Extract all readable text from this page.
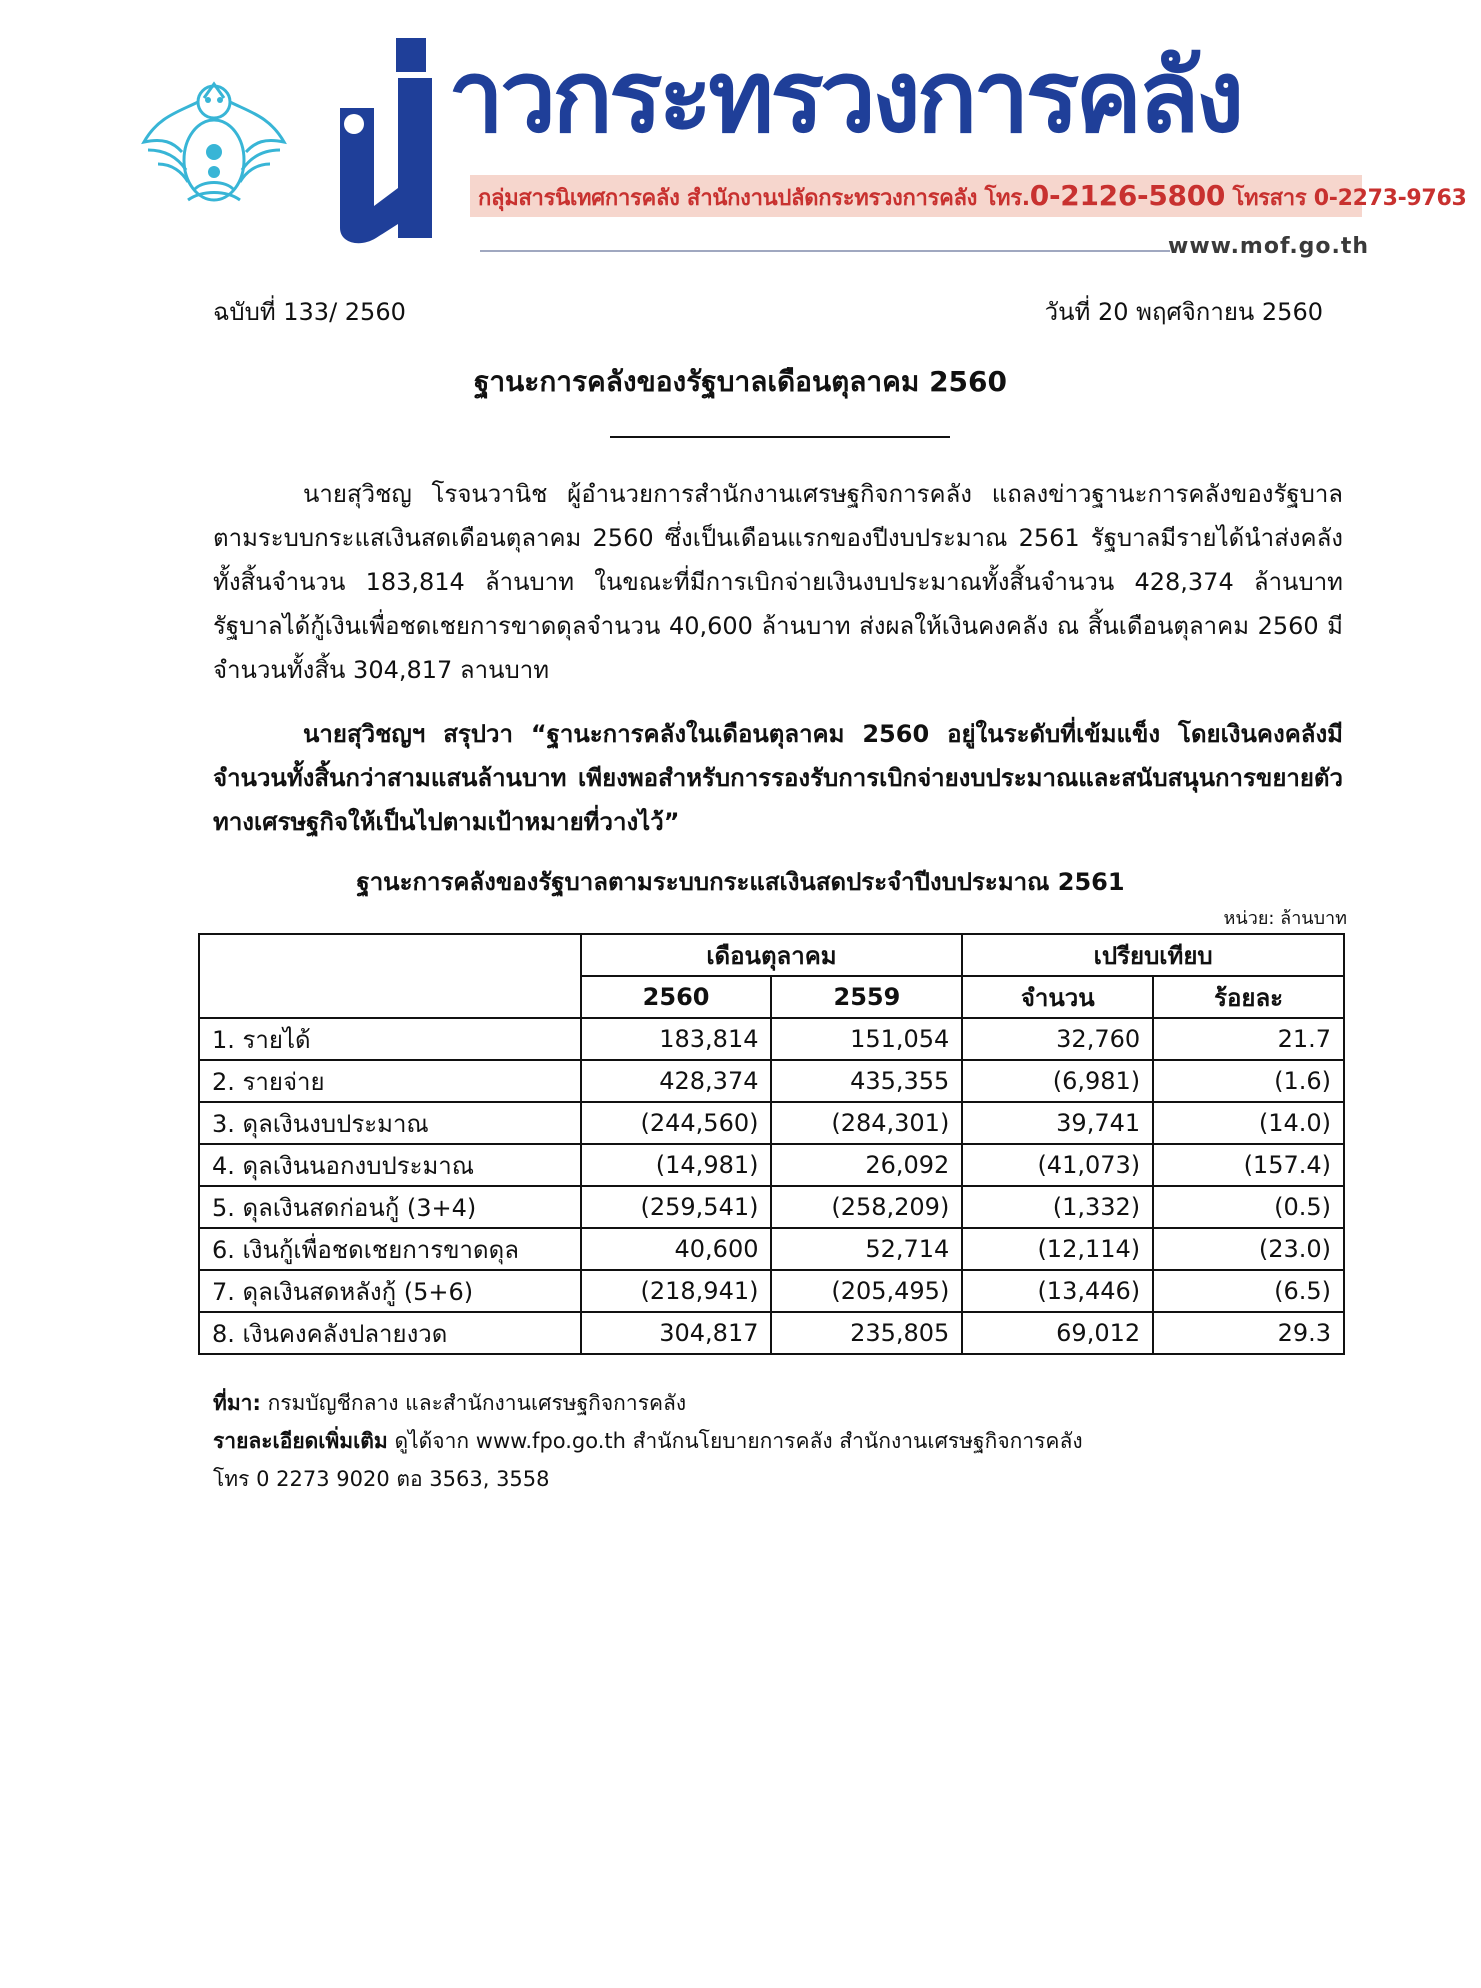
าวกระทรวงการคลัง
กลุ่มสารนิเทศการคลัง สำนักงานปลัดกระทรวงการคลัง โทร.0-2126-5800 โทรสาร 0-2273-9763
www.mof.go.th
ฉบับที่ 133/ 2560	วันที่ 20 พฤศจิกายน 2560
ฐานะการคลังของรัฐบาลเดือนตุลาคม 2560

นายสุวิชญ โรจนวานิช ผู้อำนวยการสำนักงานเศรษฐกิจการคลัง แถลงข่าวฐานะการคลังของรัฐบาลตามระบบกระแสเงินสดเดือนตุลาคม 2560 ซึ่งเป็นเดือนแรกของปีงบประมาณ 2561 รัฐบาลมีรายได้นำส่งคลังทั้งสิ้นจำนวน 183,814 ล้านบาท ในขณะที่มีการเบิกจ่ายเงินงบประมาณทั้งสิ้นจำนวน 428,374 ล้านบาท รัฐบาลได้กู้เงินเพื่อชดเชยการขาดดุลจำนวน 40,600 ล้านบาท ส่งผลให้เงินคงคลัง ณ สิ้นเดือนตุลาคม 2560 มีจำนวนทั้งสิ้น 304,817 ลานบาท

นายสุวิชญฯ สรุปวา “ฐานะการคลังในเดือนตุลาคม 2560 อยู่ในระดับที่เข้มแข็ง โดยเงินคงคลังมีจำนวนทั้งสิ้นกว่าสามแสนล้านบาท เพียงพอสำหรับการรองรับการเบิกจ่ายงบประมาณและสนับสนุนการขยายตัวทางเศรษฐกิจให้เป็นไปตามเป้าหมายที่วางไว้”

ฐานะการคลังของรัฐบาลตามระบบกระแสเงินสดประจำปีงบประมาณ 2561
หน่วย: ล้านบาท
	เดือนตุลาคม		เปรียบเทียบ	
	2560	2559	จำนวน	ร้อยละ
1. รายได้	183,814	151,054	32,760	21.7
2. รายจ่าย	428,374	435,355	(6,981)	(1.6)
3. ดุลเงินงบประมาณ	(244,560)	(284,301)	39,741	(14.0)
4. ดุลเงินนอกงบประมาณ	(14,981)	26,092	(41,073)	(157.4)
5. ดุลเงินสดก่อนกู้ (3+4)	(259,541)	(258,209)	(1,332)	(0.5)
6. เงินกู้เพื่อชดเชยการขาดดุล	40,600	52,714	(12,114)	(23.0)
7. ดุลเงินสดหลังกู้ (5+6)	(218,941)	(205,495)	(13,446)	(6.5)
8. เงินคงคลังปลายงวด	304,817	235,805	69,012	29.3

ที่มา: กรมบัญชีกลาง และสำนักงานเศรษฐกิจการคลัง

รายละเอียดเพิ่มเติม ดูได้จาก www.fpo.go.th สำนักนโยบายการคลัง สำนักงานเศรษฐกิจการคลัง

โทร 0 2273 9020 ตอ 3563, 3558
